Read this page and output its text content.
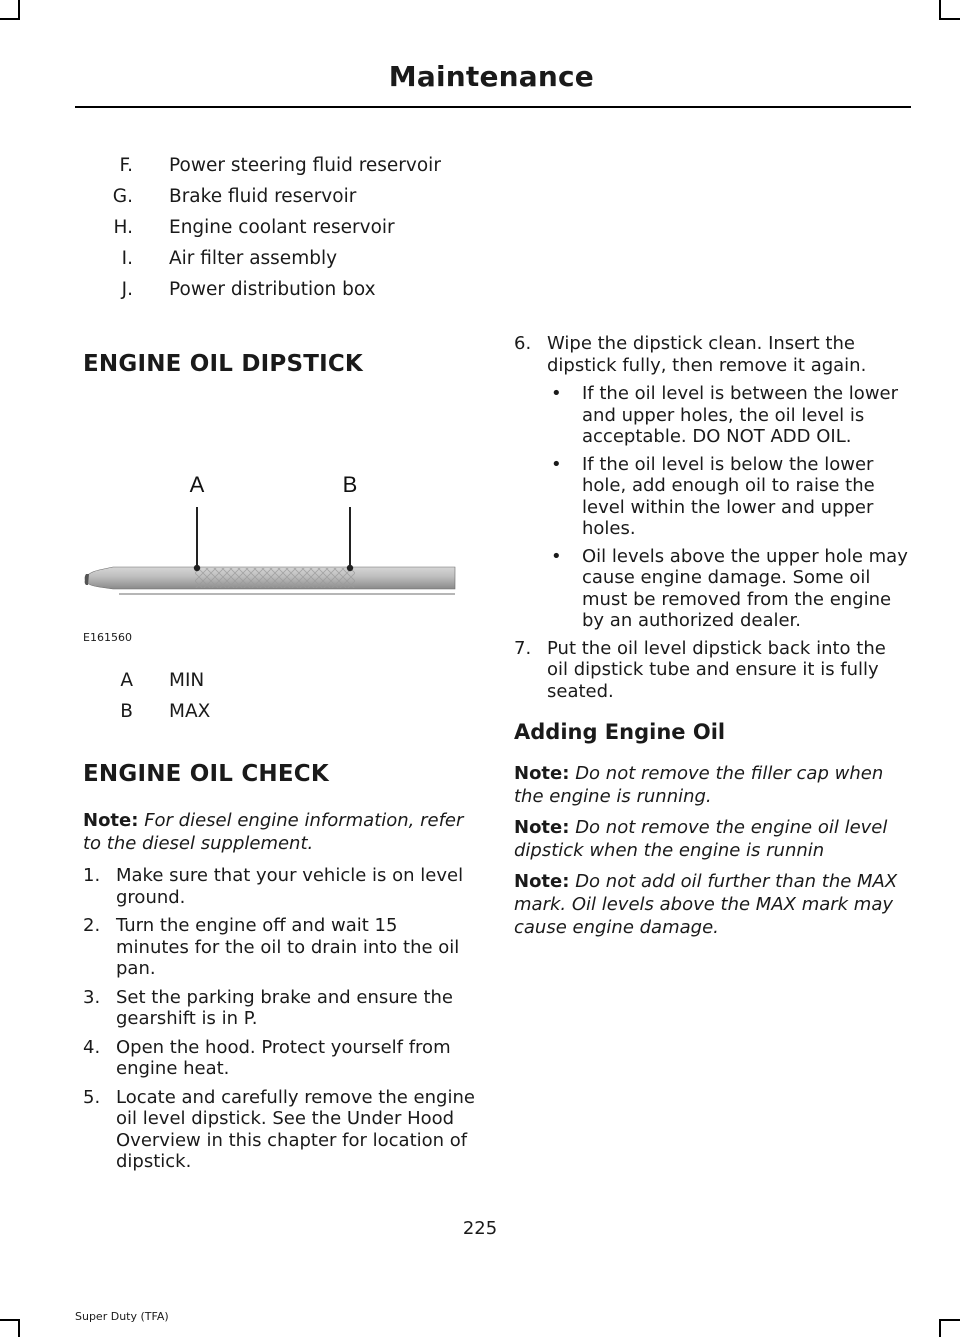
Maintenance
F.	Power steering fluid reservoir
G.	Brake fluid reservoir
H.	Engine coolant reservoir
I.	Air filter assembly
J.	Power distribution box
ENGINE OIL DIPSTICK
A	B
E161560
A	MIN
B	MAX
ENGINE OIL CHECK
Note: For diesel engine information, refer to the diesel supplement.
1. Make sure that your vehicle is on level ground.
2. Turn the engine off and wait 15 minutes for the oil to drain into the oil pan.
3. Set the parking brake and ensure the gearshift is in P.
4. Open the hood. Protect yourself from engine heat.
5. Locate and carefully remove the engine oil level dipstick. See the Under Hood Overview in this chapter for location of dipstick.
6. Wipe the dipstick clean. Insert the dipstick fully, then remove it again.
•	If the oil level is between the lower and upper holes, the oil level is acceptable. DO NOT ADD OIL.
•	If the oil level is below the lower hole, add enough oil to raise the level within the lower and upper holes.
•	Oil levels above the upper hole may cause engine damage. Some oil must be removed from the engine by an authorized dealer.
7. Put the oil level dipstick back into the oil dipstick tube and ensure it is fully seated.
Adding Engine Oil
Note: Do not remove the filler cap when the engine is running.
Note: Do not remove the engine oil level dipstick when the engine is runnin
Note: Do not add oil further than the MAX mark. Oil levels above the MAX mark may cause engine damage.
225
Super Duty (TFA)
